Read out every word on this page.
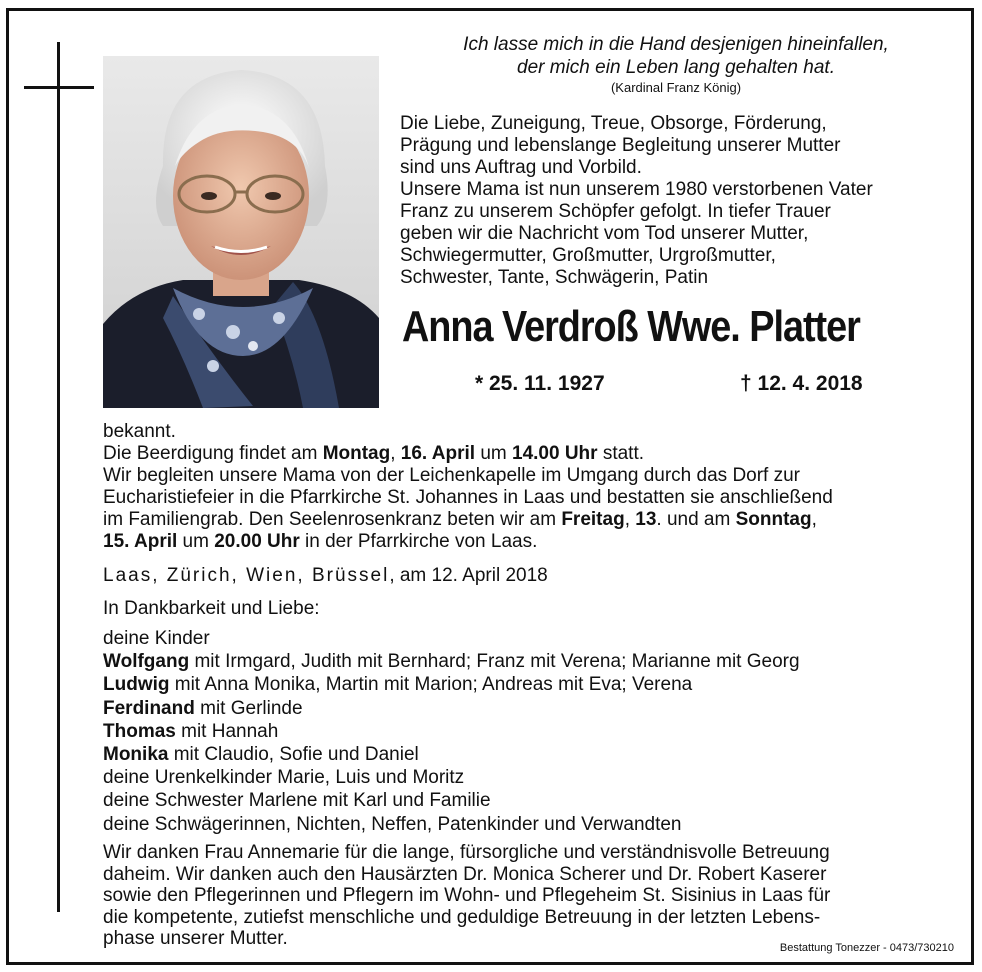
Ich lasse mich in die Hand desjenigen hineinfallen,
der mich ein Leben lang gehalten hat.
(Kardinal Franz König)
Die Liebe, Zuneigung, Treue, Obsorge, Förderung,
Prägung und lebenslange Begleitung unserer Mutter
sind uns Auftrag und Vorbild.
Unsere Mama ist nun unserem 1980 verstorbenen Vater
Franz zu unserem Schöpfer gefolgt. In tiefer Trauer
geben wir die Nachricht vom Tod unserer Mutter,
Schwiegermutter, Großmutter, Urgroßmutter,
Schwester, Tante, Schwägerin, Patin
Anna Verdroß Wwe. Platter
* 25. 11. 1927	† 12. 4. 2018
bekannt.
Die Beerdigung findet am Montag, 16. April um 14.00 Uhr statt.
Wir begleiten unsere Mama von der Leichenkapelle im Umgang durch das Dorf zur
Eucharistiefeier in die Pfarrkirche St. Johannes in Laas und bestatten sie anschließend
im Familiengrab. Den Seelenrosenkranz beten wir am Freitag, 13. und am Sonntag,
15. April um 20.00 Uhr in der Pfarrkirche von Laas.
Laas, Zürich, Wien, Brüssel, am 12. April 2018
In Dankbarkeit und Liebe:
deine Kinder
Wolfgang mit Irmgard, Judith mit Bernhard; Franz mit Verena; Marianne mit Georg
Ludwig mit Anna Monika, Martin mit Marion; Andreas mit Eva; Verena
Ferdinand mit Gerlinde
Thomas mit Hannah
Monika mit Claudio, Sofie und Daniel
deine Urenkelkinder Marie, Luis und Moritz
deine Schwester Marlene mit Karl und Familie
deine Schwägerinnen, Nichten, Neffen, Patenkinder und Verwandten
Wir danken Frau Annemarie für die lange, fürsorgliche und verständnisvolle Betreuung
daheim. Wir danken auch den Hausärzten Dr. Monica Scherer und Dr. Robert Kaserer
sowie den Pflegerinnen und Pflegern im Wohn- und Pflegeheim St. Sisinius in Laas für
die kompetente, zutiefst menschliche und geduldige Betreuung in der letzten Lebens-
phase unserer Mutter.	Bestattung Tonezzer - 0473/730210
